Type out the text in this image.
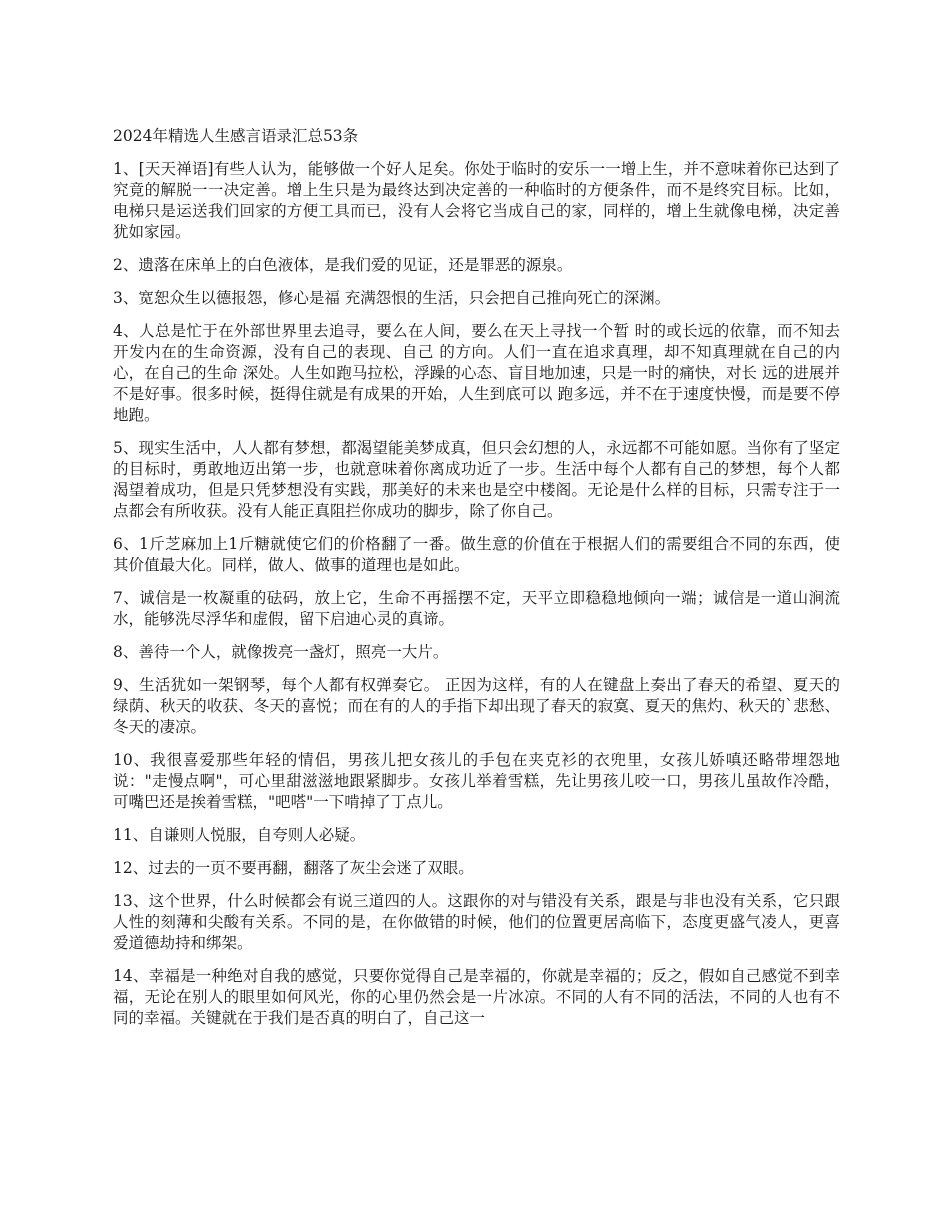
2024年精选人生感言语录汇总53条

1、[天天禅语]有些人认为，能够做一个好人足矣。你处于临时的安乐一一增上生，并不意味着你已达到了究竟的解脱一一决定善。增上生只是为最终达到决定善的一种临时的方便条件，而不是终究目标。比如，电梯只是运送我们回家的方便工具而已，没有人会将它当成自己的家，同样的，增上生就像电梯，决定善犹如家园。

2、遗落在床单上的白色液体，是我们爱的见证，还是罪恶的源泉。

3、宽恕众生以德报怨，修心是福 充满怨恨的生活，只会把自己推向死亡的深渊。

4、人总是忙于在外部世界里去追寻，要么在人间，要么在天上寻找一个暂 时的或长远的依靠，而不知去开发内在的生命资源，没有自己的表现、自己 的方向。人们一直在追求真理，却不知真理就在自己的内心，在自己的生命 深处。人生如跑马拉松，浮躁的心态、盲目地加速，只是一时的痛快，对长 远的进展并不是好事。很多时候，挺得住就是有成果的开始，人生到底可以 跑多远，并不在于速度快慢，而是要不停地跑。

5、现实生活中，人人都有梦想，都渴望能美梦成真，但只会幻想的人，永远都不可能如愿。当你有了坚定的目标时，勇敢地迈出第一步，也就意味着你离成功近了一步。生活中每个人都有自己的梦想，每个人都渴望着成功，但是只凭梦想没有实践，那美好的未来也是空中楼阁。无论是什么样的目标，只需专注于一点都会有所收获。没有人能正真阻拦你成功的脚步，除了你自己。

6、1斤芝麻加上1斤糖就使它们的价格翻了一番。做生意的价值在于根据人们的需要组合不同的东西，使其价值最大化。同样，做人、做事的道理也是如此。

7、诚信是一枚凝重的砝码，放上它，生命不再摇摆不定，天平立即稳稳地倾向一端；诚信是一道山涧流水，能够洗尽浮华和虚假，留下启迪心灵的真谛。

8、善待一个人，就像拨亮一盏灯，照亮一大片。

9、生活犹如一架钢琴，每个人都有权弹奏它。 正因为这样，有的人在键盘上奏出了春天的希望、夏天的绿荫、秋天的收获、冬天的喜悦；而在有的人的手指下却出现了春天的寂寞、夏天的焦灼、秋天的`悲愁、冬天的凄凉。

10、我很喜爱那些年轻的情侣，男孩儿把女孩儿的手包在夹克衫的衣兜里，女孩儿娇嗔还略带埋怨地说："走慢点啊"，可心里甜滋滋地跟紧脚步。女孩儿举着雪糕，先让男孩儿咬一口，男孩儿虽故作冷酷，可嘴巴还是挨着雪糕，"吧嗒"一下啃掉了丁点儿。

11、自谦则人悦服，自夸则人必疑。

12、过去的一页不要再翻，翻落了灰尘会迷了双眼。

13、这个世界，什么时候都会有说三道四的人。这跟你的对与错没有关系，跟是与非也没有关系，它只跟人性的刻薄和尖酸有关系。不同的是，在你做错的时候，他们的位置更居高临下，态度更盛气凌人，更喜爱道德劫持和绑架。

14、幸福是一种绝对自我的感觉，只要你觉得自己是幸福的，你就是幸福的；反之，假如自己感觉不到幸福，无论在别人的眼里如何风光，你的心里仍然会是一片冰凉。不同的人有不同的活法，不同的人也有不同的幸福。关键就在于我们是否真的明白了，自己这一
